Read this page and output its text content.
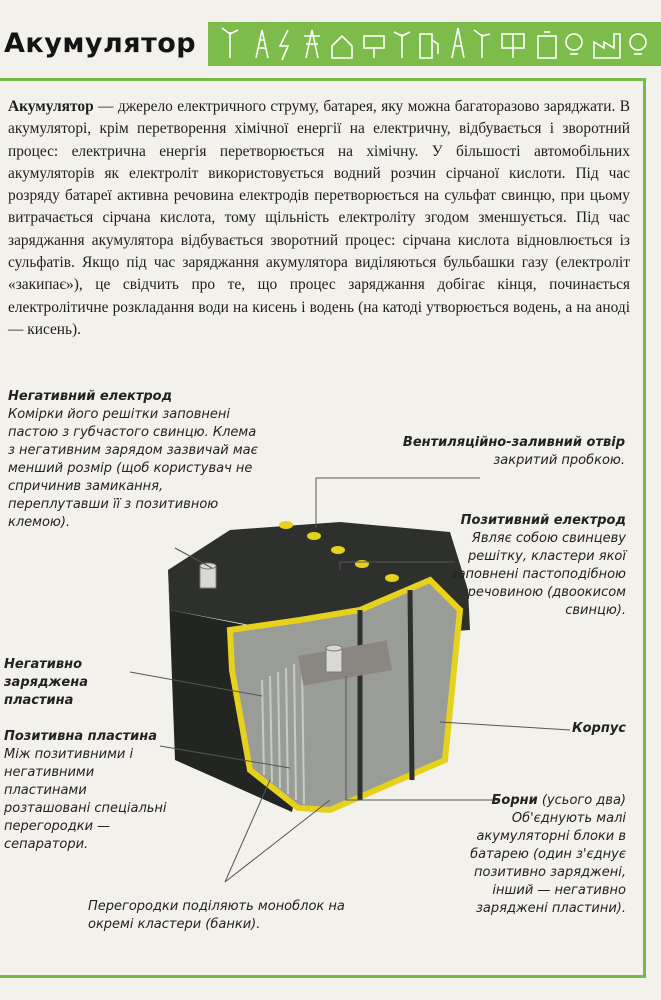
Акумулятор
Акумулятор — джерело електричного струму, батарея, яку можна багаторазово заряджати. В акумуляторі, крім перетворення хімічної енергії на електричну, відбувається і зворотний процес: електрична енергія перетворюється на хімічну. У більшості автомобільних акумуляторів як електроліт використовується водний розчин сірчаної кислоти. Під час розряду батареї активна речовина електродів перетворюється на сульфат свинцю, при цьому витрачається сірчана кислота, тому щільність електроліту згодом зменшується. Під час заряджання акумулятора відбувається зворотний процес: сірчана кислота відновлюється із сульфатів. Якщо під час заряджання акумулятора виділяються бульбашки газу (електроліт «закипає»), це свідчить про те, що процес заряджання добігає кінця, починається електролітичне розкладання води на кисень і водень (на катоді утворюється водень, а на аноді — кисень).
Негативний електрод
Комірки його решітки заповнені пастою з губчастого свинцю. Клема з негативним зарядом зазвичай має менший розмір (щоб користувач не спричинив замикання, переплутавши її з позитивною клемою).
Вентиляційно-заливний отвір
закритий пробкою.
Позитивний електрод
Являє собою свинцеву решітку, кластери якої заповнені пастоподібною речовиною (двоокисом свинцю).
Негативно заряджена пластина
Позитивна пластина
Між позитивними і негативними пластинами розташовані спеціальні перегородки — сепаратори.
Корпус
Борни (усього два)
Об'єднують малі акумуляторні блоки в батарею (один з'єднує позитивно заряджені, інший — негативно заряджені пластини).
Перегородки поділяють моноблок на окремі кластери (банки).
